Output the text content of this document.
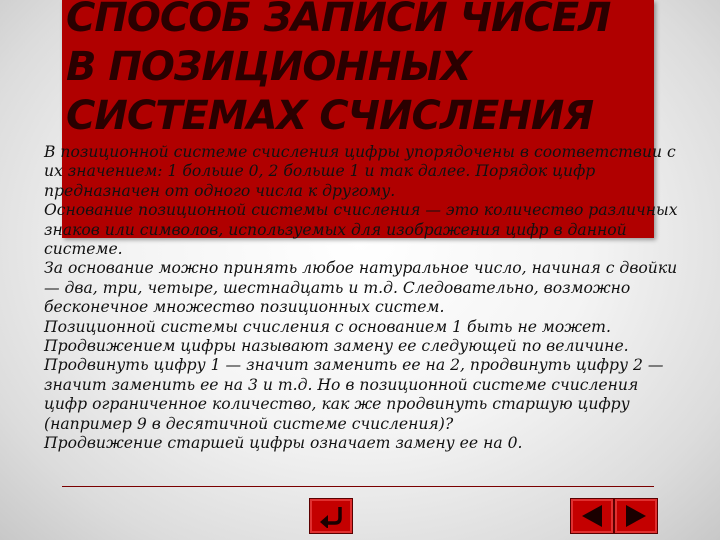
СПОСОБ ЗАПИСИ ЧИСЕЛ В ПОЗИЦИОННЫХ СИСТЕМАХ СЧИСЛЕНИЯ

В позиционной системе счисления цифры упорядочены в соответствии с их значением: 1 больше 0, 2 больше 1 и так далее. Порядок цифр предназначен от одного числа к другому.

Основание позиционной системы счисления — это количество различных знаков или символов, используемых для изображения цифр в данной системе.

За основание можно принять любое натуральное число, начиная с двойки — два, три, четыре, шестнадцать и т.д. Следовательно, возможно бесконечное множество позиционных систем.

Позиционной системы счисления с основанием 1 быть не может.

Продвижением цифры называют замену ее следующей по величине.

Продвинуть цифру 1 — значит заменить ее на 2, продвинуть цифру 2 — значит заменить ее на 3 и т.д. Но в позиционной системе счисления цифр ограниченное количество, как же продвинуть старшую цифру (например 9 в десятичной системе счисления)?

Продвижение старшей цифры означает замену ее на 0.
